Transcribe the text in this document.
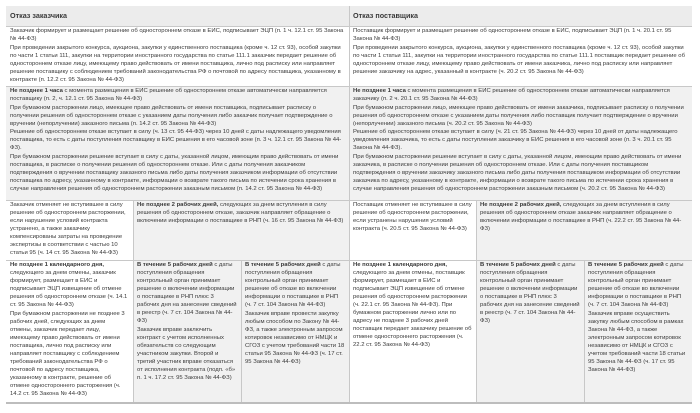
Отказ заказчика	Отказ поставщика

Заказчик формирует и размещает решение об одностороннем отказе в ЕИС, подписывает ЭЦП (п. 1 ч. 12.1 ст. 95 Закона № 44-ФЗ)

При проведении закрытого конкурса, аукциона, закупки у единственного поставщика (кроме ч. 12 ст. 93), особой закупки по части 1 статьи 111, закупки на территории иностранного государства по статье 111.1 заказчик передает решение об одностороннем отказе лицу, имеющему право действовать от имени поставщика, лично под расписку или направляет решение поставщику с соблюдением требований законодательства РФ о почтовой по адресу поставщика, указанному в контракте (п. 12.2 ст. 95 Закона № 44-ФЗ)

Поставщик формирует и размещает решение об одностороннем отказе в ЕИС, подписывает ЭЦП (п. 1 ч. 20.1 ст. 95 Закона № 44-ФЗ)

При проведении закрытого конкурса, аукциона, закупки у единственного поставщика (кроме ч. 12 ст. 93), особой закупки по части 1 статьи 111, закупки на территории иностранного государства по статье 111.1 поставщик передает решение об одностороннем отказе лицу, имеющему право действовать от имени заказчика, лично под расписку или направляет решение заказчику на адрес, указанный в контракте (ч. 20.2 ст. 95 Закона № 44-ФЗ)

Не позднее 1 часа с момента размещения в ЕИС решение об одностороннем отказе автоматически направляется поставщику (п. 2, ч. 12.1 ст. 95 Закона № 44-ФЗ)

При бумажном расторжении лицо, имеющее право действовать от имени поставщика, подписывает расписку о получении решения об одностороннем отказе с указанием даты получения либо заказчик получает подтверждение о вручении (непорлучении) заказного письма (п. 14.2 ст. 95 Закона № 44-ФЗ)

Решение об одностороннем отказе вступает в силу (ч. 13 ст. 95 44-ФЗ) через 10 дней с даты надлежащего уведомления поставщика, то есть с даты поступления поставщику в ЕИС решения в его часовой зоне (п. 3 ч. 12.1 ст. 95 Закона № 44-ФЗ).

При бумажном расторжении решение вступает в силу с даты, указанной лицом, имеющим право действовать от имени поставщика, в расписке о получении решения об одностороннем отказе. Или с даты получения заказчиком подтверждения о вручении поставщику заказного письма либо даты получения заказчиком информации об отсутствии поставщика по адресу, указанному в контракте, информации о возврате такого письма по истечении срока хранения в случае направления решения об одностороннем расторжении заказным письмом (п. 14.2 ст. 95 Закона № 44-ФЗ)

Не позднее 1 часа с момента размещения в ЕИС решение об одностороннем отказе автоматически направляется заказчику (п. 2 ч. 20.1 ст. 95 Закона № 44-ФЗ)

При бумажном расторжении лицо, имеющее право действовать от имени заказчика, подписывает расписку о получении решения об одностороннем отказе с указанием даты получения либо поставщик получает подтверждение о вручении (непорлучении) заказного письма (ч. 20.2 ст. 95 Закона № 44-ФЗ)

Решение об одностороннем отказе вступает в силу (ч. 21 ст. 95 Закона № 44-ФЗ) через 10 дней от даты надлежащего уведомления заказчика, то есть с даты поступления заказчику в ЕИС решения в его часовой зоне (п. 3 ч. 20.1 ст. 95 Закона № 44-ФЗ).

При бумажном расторжении решение вступает в силу с даты, указанной лицом, имеющим право действовать от имени заказчика, в расписке о получении решения об одностороннем отказе. Или с даты получения поставщиком подтверждения о вручении заказчику заказного письма либо даты получения поставщиком информации об отсутствии заказчика по адресу, указанному в контракте, информации о возврате такого письма по истечении срока хранения в случае направления решения об одностороннем расторжении заказным письмом (ч. 20.2 ст. 95 Закона № 44-ФЗ)

Заказчик отменяет не вступившее в силу решение об одностороннем расторжении, если нарушение условий контракта устранено, а также заказчику компенсированы затраты на проведение экспертизы в соответствии с частью 10 статьи 95 (ч. 14 ст. 95 Закона № 44-ФЗ)
Не позднее 2 рабочих дней, следующих за днем вступления в силу решения об одностороннем отказе, заказчик направляет обращение о включении информации о поставщике в РНП (ч. 16 ст. 95 Закона № 44-ФЗ)
Поставщик отменяет не вступившее в силу решение об одностороннем расторжении, если устранены нарушения условий контракта (ч. 20.5 ст. 95 Закона № 44-ФЗ)
Не позднее 2 рабочих дней, следующих за днем вступления в силу решения об одностороннем отказе заказчик направляет обращение о включении информации о поставщике в РНП (ч. 22.2 ст. 95 Закона № 44-ФЗ)

Не позднее 1 календарного дня, следующего за днем отмены, заказчик формирует, размещает в ЕИС и подписывает ЭЦП извещение об отмене решения об одностороннем отказе (ч. 14.1 ст. 95 Закона № 44-ФЗ)

При бумажном расторжении не позднее 3 рабочих дней, следующих за днем отмены, заказчик передает лицу, имеющему право действовать от имени поставщика, лично под расписку или направляет поставщику с соблюдением требований законодательства РФ о почтовой по адресу поставщика, указанному в контракте, решение об отмене одностороннего расторжения (ч. 14.2 ст. 95 Закона № 44-ФЗ)

В течение 5 рабочих дней с даты поступления обращения контрольный орган принимает решение о включении информации о поставщике в РНП плюс 3 рабочих дня на занесение сведений в реестр (ч. 7 ст. 104 Закона № 44-ФЗ)

Заказчик вправе заключить контракт с учетом исполненных обязательств со следующим участником закупки. Второй и третий участник вправе отказаться от исполнения контракта (подп. «б» п. 1 ч. 17.2 ст. 95 Закона № 44-ФЗ)

В течение 5 рабочих дней с даты поступления обращения контрольный орган принимает решение об отказе во включении информации о поставщике в РНП (ч. 7 ст. 104 Закона № 44-ФЗ)

Заказчик вправе провести закупку любым способом по Закону № 44-ФЗ, а также электронным запросом котировок независимо от НМЦК и СГОЗ с учетом требований части 18 статьи 95 Закона № 44-ФЗ (ч. 17 ст. 95 Закона № 44-ФЗ)

Не позднее 1 календарного дня, следующего за днем отмены, поставщик формирует, размещает в ЕИС и подписывает ЭЦП извещение об отмене решения об одностороннем расторжении (ч. 22.1 ст. 95 Закона № 44-ФЗ). При бумажном расторжении лично или по адресу не позднее 3 рабочих дней поставщик передает заказчику решение об отмене одностороннего расторжения (ч. 22.2 ст. 95 Закона № 44-ФЗ)
В течение 5 рабочих дней с даты поступления обращения контрольный орган принимает решение о включении информации о поставщике в РНП плюс 3 рабочих дня на занесение сведений в реестр (ч. 7 ст. 104 Закона № 44-ФЗ)

В течение 5 рабочих дней с даты поступления обращения контрольный орган принимает решение об отказе во включении информации о поставщике в РНП (ч. 7 ст. 104 Закона № 44-ФЗ)

Заказчик вправе осуществить закупку любым способом в рамках Закона № 44-ФЗ, а также электронным запросом котировок независимо от НМЦК и СГОЗ с учетом требований части 18 статьи 95 Закона № 44-ФЗ (ч. 17 ст. 95 Закона № 44-ФЗ)
